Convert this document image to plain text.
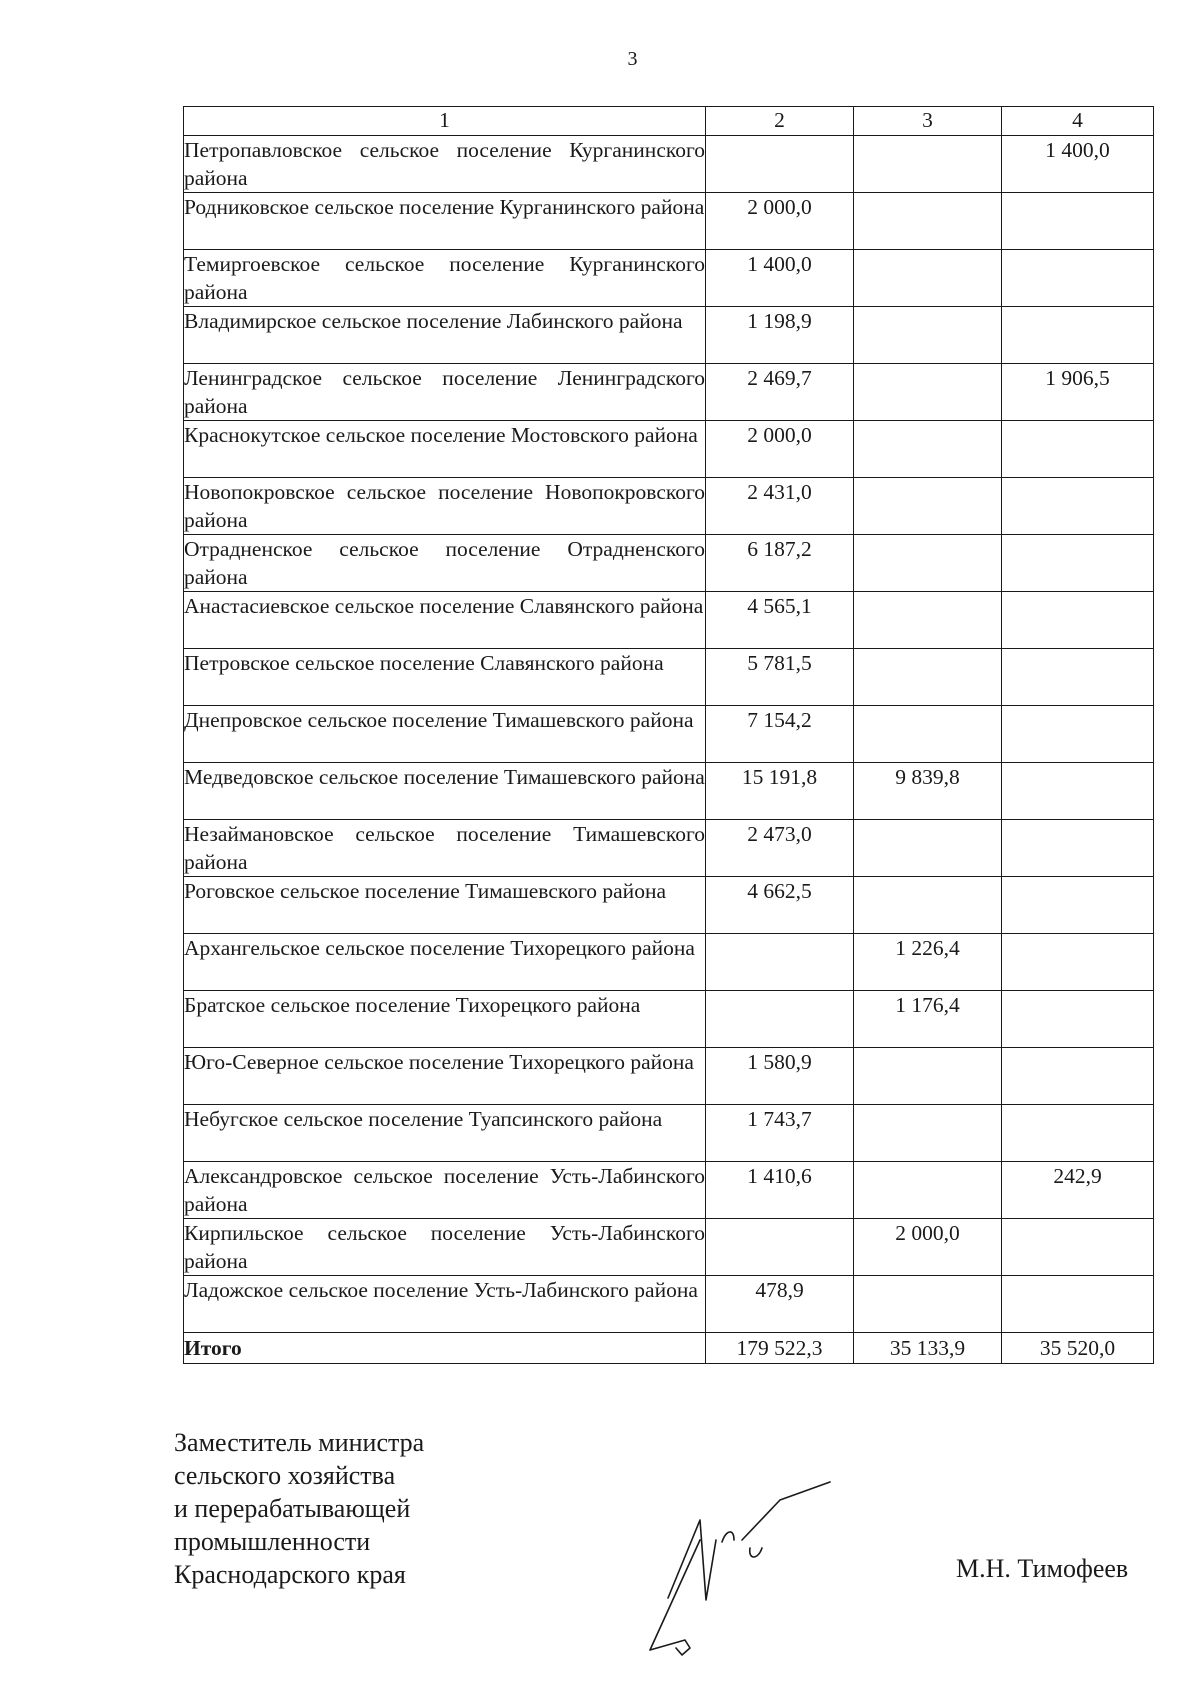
3
1	2	3	4
Петропавловское сельское поселение Курганинского района			1 400,0
Родниковское сельское поселение Курганинского района	2 000,0		
Темиргоевское сельское поселение Курганинского района	1 400,0		
Владимирское сельское поселение Лабинского района	1 198,9		
Ленинградское сельское поселение Ленинградского района	2 469,7		1 906,5
Краснокутское сельское поселение Мостовского района	2 000,0		
Новопокровское сельское поселение Новопокровского района	2 431,0		
Отрадненское сельское поселение Отрадненского района	6 187,2		
Анастасиевское сельское поселение Славянского района	4 565,1		
Петровское сельское поселение Славянского района	5 781,5		
Днепровское сельское поселение Тимашевского района	7 154,2		
Медведовское сельское поселение Тимашевского района	15 191,8	9 839,8	
Незаймановское сельское поселение Тимашевского района	2 473,0		
Роговское сельское поселение Тимашевского района	4 662,5		
Архангельское сельское поселение Тихорецкого района		1 226,4	
Братское сельское поселение Тихорецкого района		1 176,4	
Юго-Северное сельское поселение Тихорецкого района	1 580,9		
Небугское сельское поселение Туапсинского района	1 743,7		
Александровское сельское поселение Усть-Лабинского района	1 410,6		242,9
Кирпильское сельское поселение Усть-Лабинского района		2 000,0	
Ладожское сельское поселение Усть-Лабинского района	478,9		
Итого	179 522,3	35 133,9	35 520,0
Заместитель министра
сельского хозяйства
и перерабатывающей
промышленности
Краснодарского края	М.Н. Тимофеев
